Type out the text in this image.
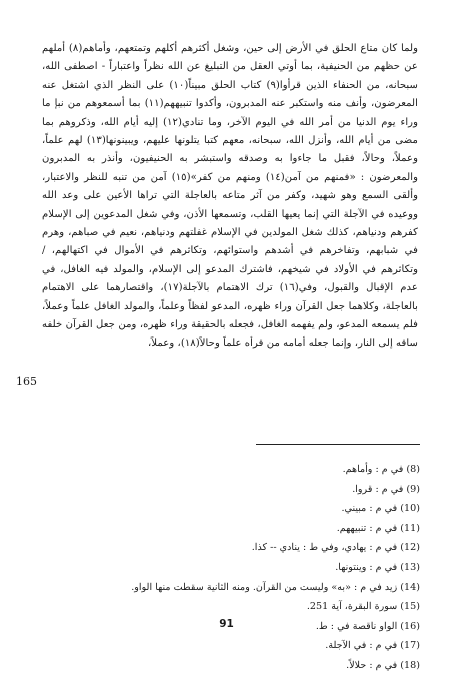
ولما كان متاع الحلق في الأرض إلى حين، وشغل أكثرهم أكلهم وتمتعهم، وأماهم(٨) أملهم عن حظهم من الحنيفية، بما أوتي العقل من التبليغ عن الله نظراً واعتباراً - اصطفى الله، سبحانه، من الحنفاء الذين قرأوا(٩) كتاب الحلق مبيناً(١٠) على النظر الذي اشتغل عنه المعرضون، وأنف منه واستكبر عنه المدبرون، وأكدوا تنبيههم(١١) بما أسمعوهم من نبإ ما وراء يوم الدنيا من أمر الله في اليوم الآخر، وما تنادي(١٢) إليه أيام الله، وذكروهم بما مضى من أيام الله، وأنزل الله، سبحانه، معهم كتبا يتلونها عليهم، ويبينونها(١٣) لهم علماً، وعملاً، وحالاً، فقبل ما جاءوا به وصدقه واستبشر به الحنيفيون، وأنذر به المدبرون والمعرضون : «فمنهم من آمن(١٤) ومنهم من كفر»(١٥) آمن من تنبه للنظر والاعتبار، وألقى السمع وهو شهيد، وكفر من آثر متاعه بالعاجلة التي تراها الأعين على وعد الله ووعيده في الآجلة التي إنما يعيها القلب، وتسمعها الأذن، وفي شغل المدعوين إلى الإسلام كفرهم ودنياهم، كذلك شغل المولدين في الإسلام غفلتهم ودنياهم، نعيم في صباهم، وهرم في شبابهم، وتفاخرهم في أشدهم واستوائهم، وتكاثرهم في الأموال في اكتهالهم، / وتكاثرهم في الأولاد في شيخهم، فاشترك المدعو إلى الإسلام، والمولد فيه الغافل، في عدم الإقبال والقبول، وفي(١٦) ترك الاهتمام بالآجلة(١٧)، واقتصارهما على الاهتمام بالعاجلة، وكلاهما جعل القرآن وراء ظهره، المدعو لفظاً وعلماً، والمولد الغافل علماً وعملاً، فلم يسمعه المدعو، ولم يفهمه الغافل، فجعله بالحقيقة وراء ظهره، ومن جعل القرآن خلفه ساقه إلى النار، وإنما جعله أمامه من قرأه علماً وحالاً(١٨)، وعملاً،

165
(8) في م : وأماهم.
(9) في م : قروا.
(10) في م : مبيني.
(11) في م : تنبيههم.
(12) في م : يهادي، وفي ط : ينادي -- كذا.
(13) في م : وينتونها.
(14) زيد في م : «به» وليست من القرآن. ومنه الثانية سقطت منها الواو.
(15) سورة البقرة، آية 251.
(16) الواو ناقصة في : ط.
(17) في م : في الآجلة.
(18) في م : حلالاً.
91
